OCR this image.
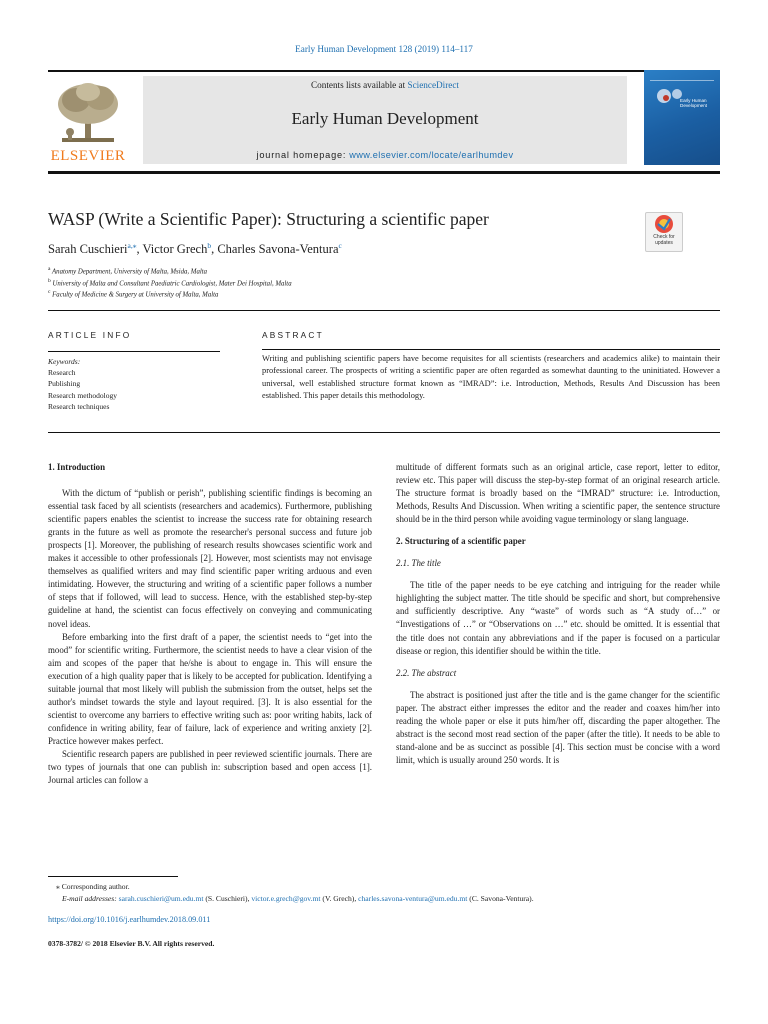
Early Human Development 128 (2019) 114–117
ELSEVIER
Contents lists available at ScienceDirect
Early Human Development
journal homepage: www.elsevier.com/locate/earlhumdev
Early Human Development
WASP (Write a Scientific Paper): Structuring a scientific paper
Check for updates
Sarah Cuschieri$^{a,⁎}$, Victor Grech$^b$, Charles Savona-Ventura$^c$
$^a$ Anatomy Department, University of Malta, Msida, Malta
$^b$ University of Malta and Consultant Paediatric Cardiologist, Mater Dei Hospital, Malta
$^c$ Faculty of Medicine & Surgery at University of Malta, Malta
ARTICLE INFO	ABSTRACT
Keywords:
Research
Publishing
Research methodology
Research techniques
Writing and publishing scientific papers have become requisites for all scientists (researchers and academics alike) to maintain their professional career. The prospects of writing a scientific paper are often regarded as somewhat daunting to the uninitiated. However a universal, well established structure format known as “IMRAD”: i.e. Introduction, Methods, Results And Discussion has been established. This paper details this methodology.
1. Introduction

With the dictum of “publish or perish”, publishing scientific findings is becoming an essential task faced by all scientists (researchers and academics). Furthermore, publishing scientific papers enables the scientist to increase the success rate for obtaining research grants in the future as well as promote the researcher's personal success and future job prospects [1]. Moreover, the publishing of research results showcases scientific work and makes it accessible to other professionals [2]. However, most scientists may not envisage themselves as qualified writers and may find scientific paper writing arduous and even intimidating. However, the structuring and writing of a scientific paper follows a number of steps that if followed, will lead to success. Hence, with the established step-by-step guideline at hand, the scientist can focus effectively on conveying and communicating novel ideas.

Before embarking into the first draft of a paper, the scientist needs to “get into the mood” for scientific writing. Furthermore, the scientist needs to have a clear vision of the aim and scopes of the paper that he/she is about to engage in. This will ensure the execution of a high quality paper that is likely to be accepted for publication. Identifying a suitable journal that most likely will publish the submission from the outset, helps set the author's mindset towards the style and layout required. [3]. It is also essential for the scientist to overcome any barriers to effective writing such as: poor writing habits, lack of confidence in writing ability, fear of failure, lack of experience and writing anxiety [2]. Practice however makes perfect.

Scientific research papers are published in peer reviewed scientific journals. There are two types of journals that one can publish in: subscription based and open access [1]. Journal articles can follow a

multitude of different formats such as an original article, case report, letter to editor, review etc. This paper will discuss the step-by-step format of an original research article. The structure format is broadly based on the “IMRAD” structure: i.e. Introduction, Methods, Results And Discussion. When writing a scientific paper, the sentence structure should be in the third person while avoiding vague terminology or slang language.

2. Structuring of a scientific paper
2.1. The title

The title of the paper needs to be eye catching and intriguing for the reader while highlighting the subject matter. The title should be specific and short, but comprehensive and sufficiently descriptive. Any “waste” of words such as “A study of…” or “Investigations of …” or “Observations on …” etc. should be omitted. It is essential that the title does not contain any abbreviations and if the paper is focused on a particular disease or region, this identifier should be within the title.

2.2. The abstract

The abstract is positioned just after the title and is the game changer for the scientific paper. The abstract either impresses the editor and the reader and coaxes him/her into reading the whole paper or else it puts him/her off, discarding the paper altogether. The abstract is the second most read section of the paper (after the title). It needs to be able to stand-alone and be as succinct as possible [4]. This section must be concise with a word limit, which is usually around 250 words. It is

⁎ Corresponding author.
E-mail addresses: sarah.cuschieri@um.edu.mt (S. Cuschieri), victor.e.grech@gov.mt (V. Grech), charles.savona-ventura@um.edu.mt (C. Savona-Ventura).
https://doi.org/10.1016/j.earlhumdev.2018.09.011
0378-3782/ © 2018 Elsevier B.V. All rights reserved.
